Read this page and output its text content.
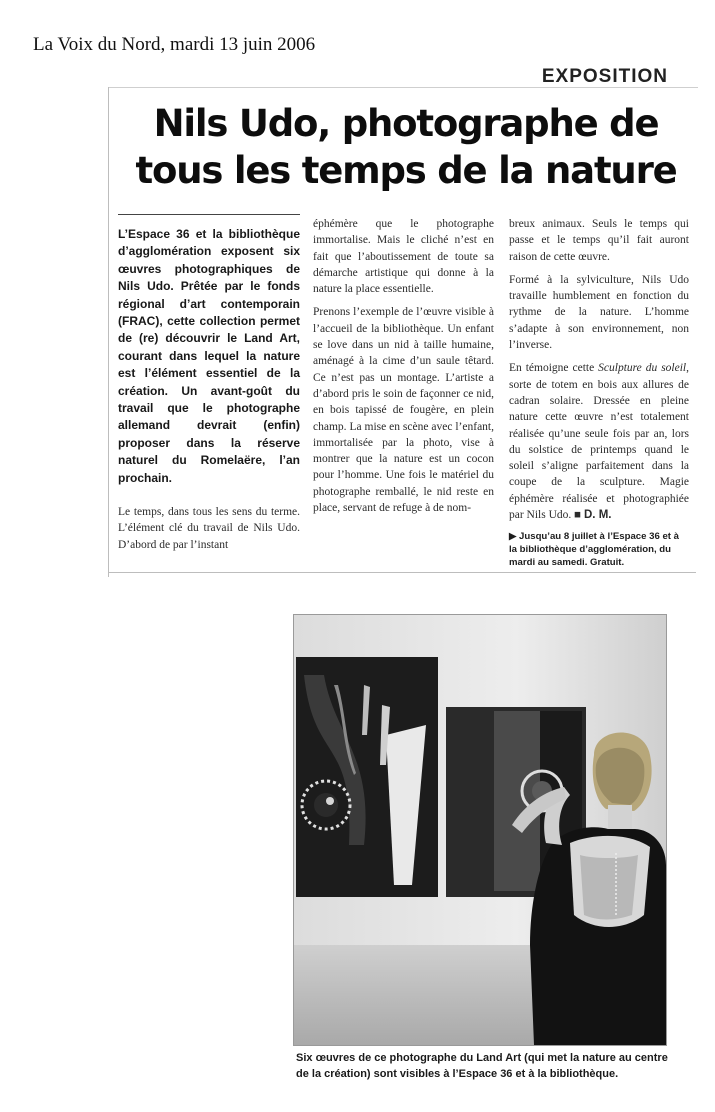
La Voix du Nord, mardi 13 juin 2006
EXPOSITION
Nils Udo, photographe de tous les temps de la nature

L’Espace 36 et la bibliothèque d’agglomération exposent six œuvres photographiques de Nils Udo. Prêtée par le fonds régional d’art contemporain (FRAC), cette collection permet de (re) découvrir le Land Art, courant dans lequel la nature est l’élément essentiel de la création. Un avant-goût du travail que le photographe allemand devrait (enfin) proposer dans la réserve naturel du Romelaëre, l’an prochain.

Le temps, dans tous les sens du terme. L’élément clé du travail de Nils Udo. D’abord de par l’instant

éphémère que le photographe immortalise. Mais le cliché n’est en fait que l’aboutissement de toute sa démarche artistique qui donne à la nature la place essentielle.

Prenons l’exemple de l’œuvre visible à l’accueil de la bibliothèque. Un enfant se love dans un nid à taille humaine, aménagé à la cime d’un saule têtard. Ce n’est pas un montage. L’artiste a d’abord pris le soin de façonner ce nid, en bois tapissé de fougère, en plein champ. La mise en scène avec l’enfant, immortalisée par la photo, vise à montrer que la nature est un cocon pour l’homme. Une fois le matériel du photographe remballé, le nid reste en place, servant de refuge à de nom-

breux animaux. Seuls le temps qui passe et le temps qu’il fait auront raison de cette œuvre.

Formé à la sylviculture, Nils Udo travaille humblement en fonction du rythme de la nature. L’homme s’adapte à son environnement, non l’inverse.

En témoigne cette Sculpture du soleil, sorte de totem en bois aux allures de cadran solaire. Dressée en pleine nature cette œuvre n’est totalement réalisée qu’une seule fois par an, lors du solstice de printemps quand le soleil s’aligne parfaitement dans la coupe de la sculpture. Magie éphémère réalisée et photographiée par Nils Udo. ■ D. M.

▶ Jusqu’au 8 juillet à l’Espace 36 et à la bibliothèque d’agglomération, du mardi au samedi. Gratuit.

Six œuvres de ce photographe du Land Art (qui met la nature au centre de la création) sont visibles à l’Espace 36 et à la bibliothèque.
